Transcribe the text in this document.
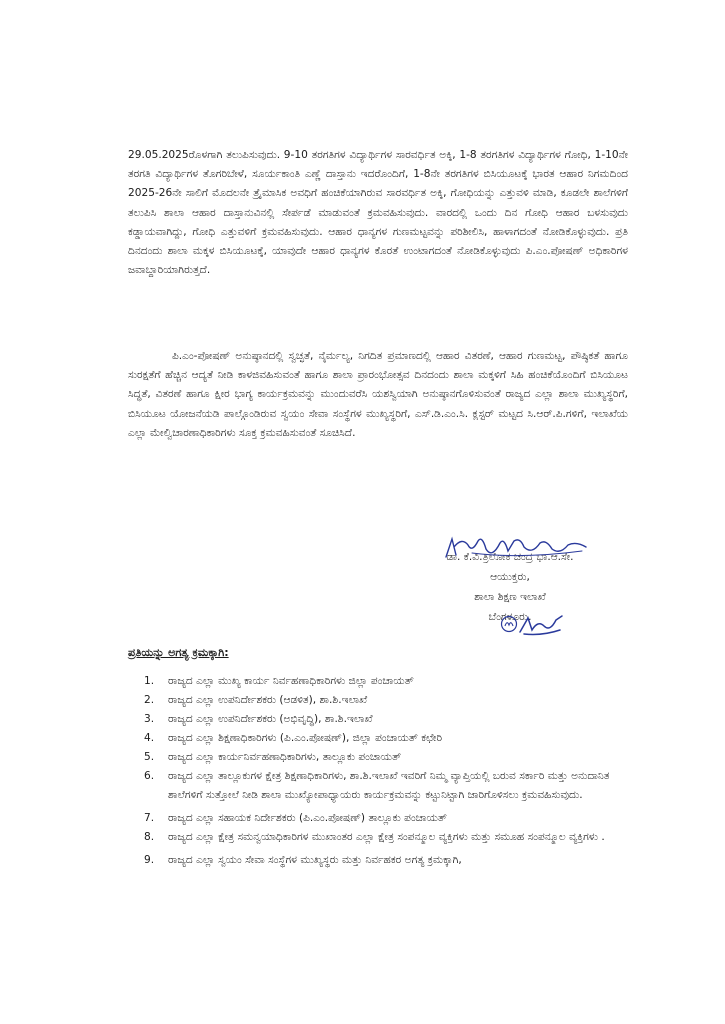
29.05.2025ರೊಳಗಾಗಿ ತಲುಪಿಸುವುದು. 9-10 ತರಗತಿಗಳ ವಿದ್ಯಾರ್ಥಿಗಳ ಸಾರವರ್ಧಿತ ಅಕ್ಕಿ, 1-8 ತರಗತಿಗಳ ವಿದ್ಯಾರ್ಥಿಗಳ ಗೋಧಿ, 1-10ನೇ ತರಗತಿ ವಿದ್ಯಾರ್ಥಿಗಳ ತೊಗರಿಬೇಳೆ, ಸೂರ್ಯಕಾಂತಿ ಎಣ್ಣೆ ದಾಸ್ತಾನು ಇದರೊಂದಿಗೆ, 1-8ನೇ ತರಗತಿಗಳ ಬಿಸಿಯೂಟಕ್ಕೆ ಭಾರತ ಆಹಾರ ನಿಗಮದಿಂದ 2025-26ನೇ ಸಾಲಿಗೆ ಮೊದಲನೇ ತ್ರೈಮಾಸಿಕ ಅವಧಿಗೆ ಹಂಚಿಕೆಯಾಗಿರುವ ಸಾರವರ್ಧಿತ ಅಕ್ಕಿ, ಗೋಧಿಯನ್ನು ಎತ್ತುವಳಿ ಮಾಡಿ, ಕೂಡಲೇ ಶಾಲೆಗಳಿಗೆ ತಲುಪಿಸಿ ಶಾಲಾ ಆಹಾರ ದಾಸ್ತಾನುವಿನಲ್ಲಿ ಸೇರ್ಪಡೆ ಮಾಡುವಂತೆ ಕ್ರಮವಹಿಸುವುದು. ವಾರದಲ್ಲಿ ಒಂದು ದಿನ ಗೋಧಿ ಆಹಾರ ಬಳಸುವುದು ಕಡ್ಡಾಯವಾಗಿದ್ದು, ಗೋಧಿ ಎತ್ತುವಳಿಗೆ ಕ್ರಮವಹಿಸುವುದು. ಆಹಾರ ಧಾನ್ಯಗಳ ಗುಣಮಟ್ಟವನ್ನು ಪರಿಶೀಲಿಸಿ, ಹಾಳಾಗದಂತೆ ನೋಡಿಕೊಳ್ಳುವುದು. ಪ್ರತಿ ದಿನದಂದು ಶಾಲಾ ಮಕ್ಕಳ ಬಿಸಿಯೂಟಕ್ಕೆ, ಯಾವುದೇ ಆಹಾರ ಧಾನ್ಯಗಳ ಕೊರತೆ ಉಂಟಾಗದಂತೆ ನೋಡಿಕೊಳ್ಳುವುದು ಪಿ.ಎಂ.ಪೋಷಣ್ ಅಧಿಕಾರಿಗಳ ಜವಾಬ್ದಾರಿಯಾಗಿರುತ್ತದೆ.

ಪಿ.ಎಂ-ಪೋಷಣ್ ಅನುಷ್ಠಾನದಲ್ಲಿ ಸ್ವಚ್ಛತೆ, ನೈರ್ಮಲ್ಯ, ನಿಗದಿತ ಪ್ರಮಾಣದಲ್ಲಿ ಆಹಾರ ವಿತರಣೆ, ಆಹಾರ ಗುಣಮಟ್ಟ, ಪೌಷ್ಠಿಕತೆ ಹಾಗೂ ಸುರಕ್ಷತೆಗೆ ಹೆಚ್ಚಿನ ಆದ್ಯತೆ ನೀಡಿ ಕಾಳಜಿವಹಿಸುವಂತೆ ಹಾಗೂ ಶಾಲಾ ಪ್ರಾರಂಭೋತ್ಸವ ದಿನದಂದು ಶಾಲಾ ಮಕ್ಕಳಿಗೆ ಸಿಹಿ ಹಂಚಿಕೆಯೊಂದಿಗೆ ಬಿಸಿಯೂಟ ಸಿದ್ಧತೆ, ವಿತರಣೆ ಹಾಗೂ ಕ್ಷೀರ ಭಾಗ್ಯ ಕಾರ್ಯಕ್ರಮವನ್ನು ಮುಂದುವರೆಸಿ ಯಶಸ್ವಿಯಾಗಿ ಅನುಷ್ಠಾನಗೊಳಿಸುವಂತೆ ರಾಜ್ಯದ ಎಲ್ಲಾ ಶಾಲಾ ಮುಖ್ಯಸ್ಥರಿಗೆ, ಬಿಸಿಯೂಟ ಯೋಜನೆಯಡಿ ಪಾಲ್ಗೊಂಡಿರುವ ಸ್ವಯಂ ಸೇವಾ ಸಂಸ್ಥೆಗಳ ಮುಖ್ಯಸ್ಥರಿಗೆ, ಎಸ್.ಡಿ.ಎಂ.ಸಿ. ಕ್ಲಸ್ಟರ್ ಮಟ್ಟದ ಸಿ.ಆರ್.ಪಿ.ಗಳಿಗೆ, ಇಲಾಖೆಯ ಎಲ್ಲಾ ಮೇಲ್ವಿಚಾರಣಾಧಿಕಾರಿಗಳು ಸೂಕ್ತ ಕ್ರಮವಹಿಸುವಂತೆ ಸೂಚಿಸಿದೆ.

ಡಾ. ಕೆ.ವಿ.ತ್ರಿಲೋಕ ಚಂದ್ರ ಭಾ.ಆ.ಸೇ.
ಆಯುಕ್ತರು,
ಶಾಲಾ ಶಿಕ್ಷಣ ಇಲಾಖೆ
ಬೆಂಗಳೂರು.
ಪ್ರತಿಯನ್ನು ಅಗತ್ಯ ಕ್ರಮಕ್ಕಾಗಿ:
1. ರಾಜ್ಯದ ಎಲ್ಲಾ ಮುಖ್ಯ ಕಾರ್ಯ ನಿರ್ವಹಣಾಧಿಕಾರಿಗಳು ಜಿಲ್ಲಾ ಪಂಚಾಯತ್
2. ರಾಜ್ಯದ ಎಲ್ಲಾ ಉಪನಿರ್ದೇಶಕರು (ಆಡಳಿತ), ಶಾ.ಶಿ.ಇಲಾಖೆ
3. ರಾಜ್ಯದ ಎಲ್ಲಾ ಉಪನಿರ್ದೇಶಕರು (ಅಭಿವೃದ್ಧಿ), ಶಾ.ಶಿ.ಇಲಾಖೆ
4. ರಾಜ್ಯದ ಎಲ್ಲಾ ಶಿಕ್ಷಣಾಧಿಕಾರಿಗಳು (ಪಿ.ಎಂ.ಪೋಷಣ್), ಜಿಲ್ಲಾ ಪಂಚಾಯತ್ ಕಛೇರಿ
5. ರಾಜ್ಯದ ಎಲ್ಲಾ ಕಾರ್ಯನಿರ್ವಹಣಾಧಿಕಾರಿಗಳು, ತಾಲ್ಲೂಕು ಪಂಚಾಯತ್
6. ರಾಜ್ಯದ ಎಲ್ಲಾ ತಾಲ್ಲೂಕುಗಳ ಕ್ಷೇತ್ರ ಶಿಕ್ಷಣಾಧಿಕಾರಿಗಳು, ಶಾ.ಶಿ.ಇಲಾಖೆ ಇವರಿಗೆ ನಿಮ್ಮ ವ್ಯಾಪ್ತಿಯಲ್ಲಿ ಬರುವ ಸರ್ಕಾರಿ ಮತ್ತು ಅನುದಾನಿತ ಶಾಲೆಗಳಿಗೆ ಸುತ್ತೋಲೆ ನೀಡಿ ಶಾಲಾ ಮುಖ್ಯೋಪಾಧ್ಯಾಯರು ಕಾರ್ಯಕ್ರಮವನ್ನು ಕಟ್ಟುನಿಟ್ಟಾಗಿ ಜಾರಿಗೊಳಿಸಲು ಕ್ರಮವಹಿಸುವುದು.
7. ರಾಜ್ಯದ ಎಲ್ಲಾ ಸಹಾಯಕ ನಿರ್ದೇಶಕರು (ಪಿ.ಎಂ.ಪೋಷಣ್) ತಾಲ್ಲೂಕು ಪಂಚಾಯತ್
8. ರಾಜ್ಯದ ಎಲ್ಲಾ ಕ್ಷೇತ್ರ ಸಮನ್ವಯಾಧಿಕಾರಿಗಳ ಮುಖಾಂತರ ಎಲ್ಲಾ ಕ್ಷೇತ್ರ ಸಂಪನ್ಮೂಲ ವ್ಯಕ್ತಿಗಳು ಮತ್ತು ಸಮೂಹ ಸಂಪನ್ಮೂಲ ವ್ಯಕ್ತಿಗಳು .
9. ರಾಜ್ಯದ ಎಲ್ಲಾ ಸ್ವಯಂ ಸೇವಾ ಸಂಸ್ಥೆಗಳ ಮುಖ್ಯಸ್ಥರು ಮತ್ತು ನಿರ್ವಹಕರ ಅಗತ್ಯ ಕ್ರಮಕ್ಕಾಗಿ,
